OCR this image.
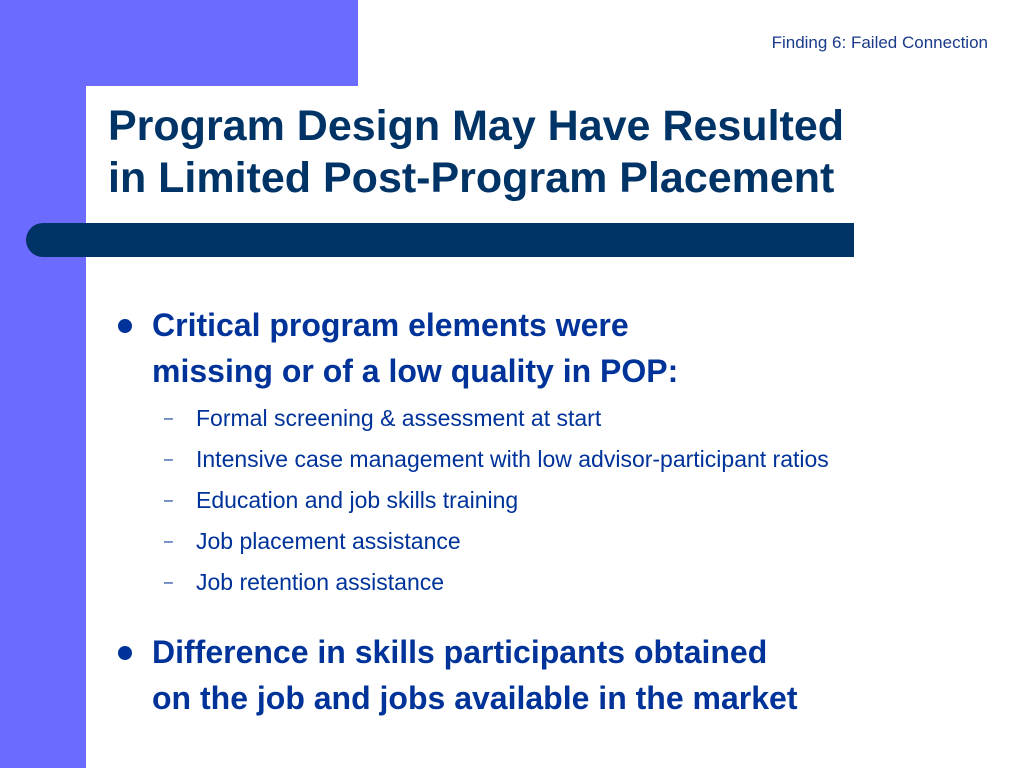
Finding 6: Failed Connection
Program Design May Have Resulted
in Limited Post-Program Placement
Critical program elements were
missing or of a low quality in POP:
– Formal screening & assessment at start
– Intensive case management with low advisor-participant ratios
– Education and job skills training
– Job placement assistance
– Job retention assistance
Difference in skills participants obtained
on the job and jobs available in the market
